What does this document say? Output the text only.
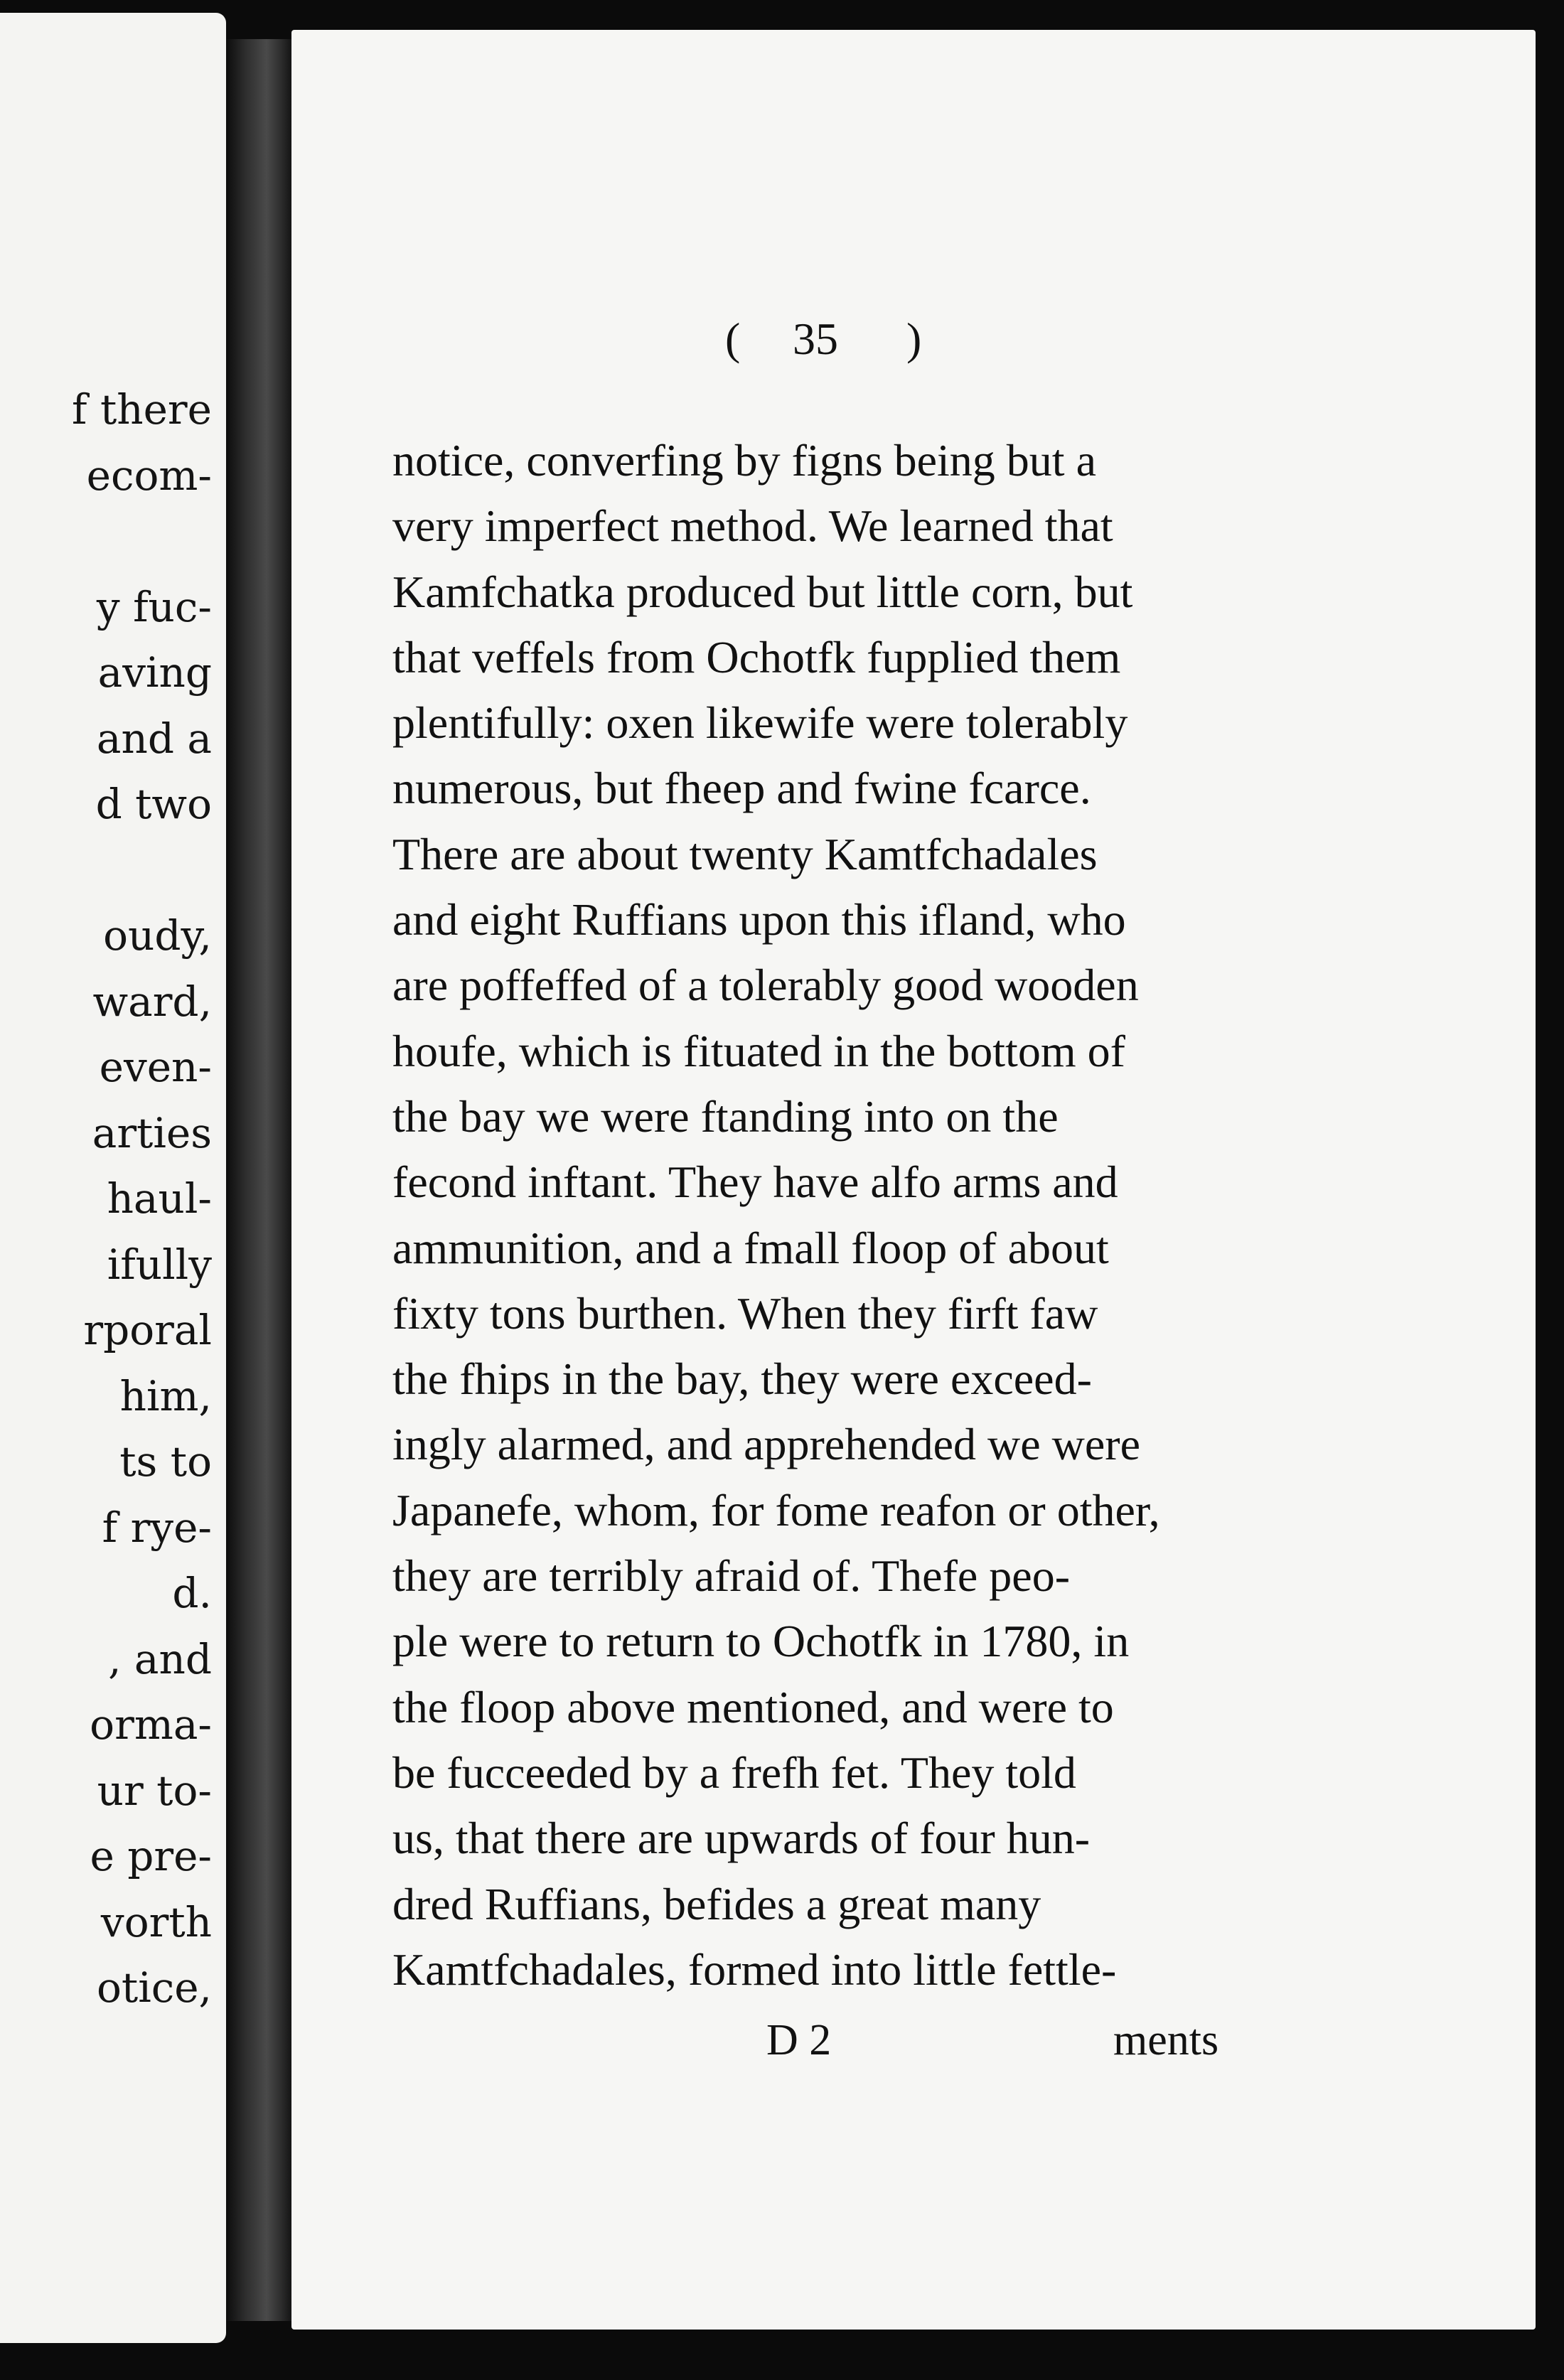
f there
ecom-
y fuc-
aving
and a
d two
oudy,
ward,
even-
arties
haul-
ifully
rporal
him,
ts to
f rye-
d.
, and
orma-
ur to-
e pre-
vorth
otice,
( 35 )
notice, converfing by figns being but a
very imperfect method. We learned that
Kamfchatka produced but little corn, but
that veffels from Ochotfk fupplied them
plentifully: oxen likewife were tolerably
numerous, but fheep and fwine fcarce.
There are about twenty Kamtfchadales
and eight Ruffians upon this ifland, who
are poffeffed of a tolerably good wooden
houfe, which is fituated in the bottom of
the bay we were ftanding into on the
fecond inftant. They have alfo arms and
ammunition, and a fmall floop of about
fixty tons burthen. When they firft faw
the fhips in the bay, they were exceed-
ingly alarmed, and apprehended we were
Japanefe, whom, for fome reafon or other,
they are terribly afraid of. Thefe peo-
ple were to return to Ochotfk in 1780, in
the floop above mentioned, and were to
be fucceeded by a frefh fet. They told
us, that there are upwards of four hun-
dred Ruffians, befides a great many
Kamtfchadales, formed into little fettle-
D 2	ments
